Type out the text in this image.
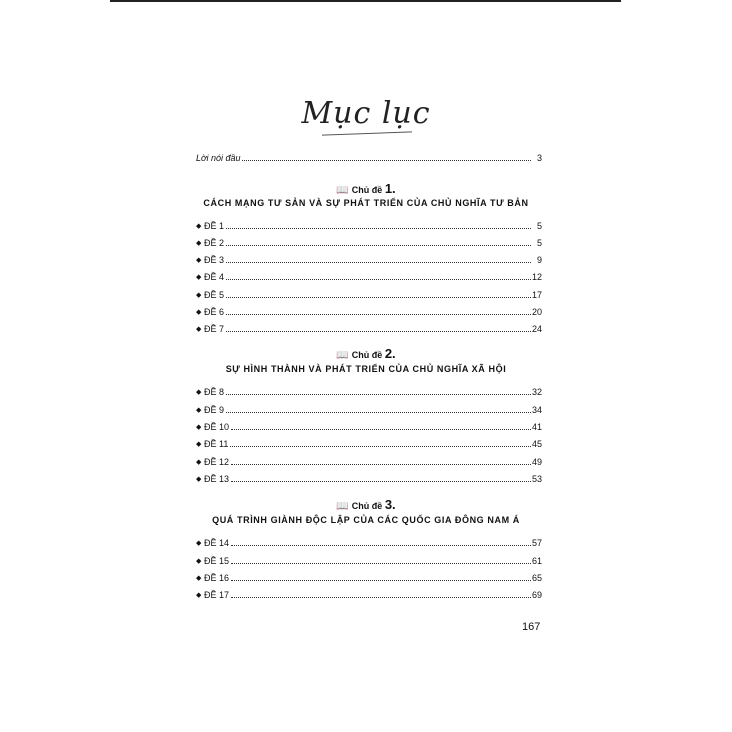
Mục lục
Lời nói đầu	3
📖 Chủ đề 1.
CÁCH MẠNG TƯ SẢN VÀ SỰ PHÁT TRIỂN CỦA CHỦ NGHĨA TƯ BẢN
◆ ĐỀ 1	5
◆ ĐỀ 2	5
◆ ĐỀ 3	9
◆ ĐỀ 4	12
◆ ĐỀ 5	17
◆ ĐỀ 6	20
◆ ĐỀ 7	24
📖 Chủ đề 2.
SỰ HÌNH THÀNH VÀ PHÁT TRIỂN CỦA CHỦ NGHĨA XÃ HỘI
◆ ĐỀ 8	32
◆ ĐỀ 9	34
◆ ĐỀ 10	41
◆ ĐỀ 11	45
◆ ĐỀ 12	49
◆ ĐỀ 13	53
📖 Chủ đề 3.
QUÁ TRÌNH GIÀNH ĐỘC LẬP CỦA CÁC QUỐC GIA ĐÔNG NAM Á
◆ ĐỀ 14	57
◆ ĐỀ 15	61
◆ ĐỀ 16	65
◆ ĐỀ 17	69
167
